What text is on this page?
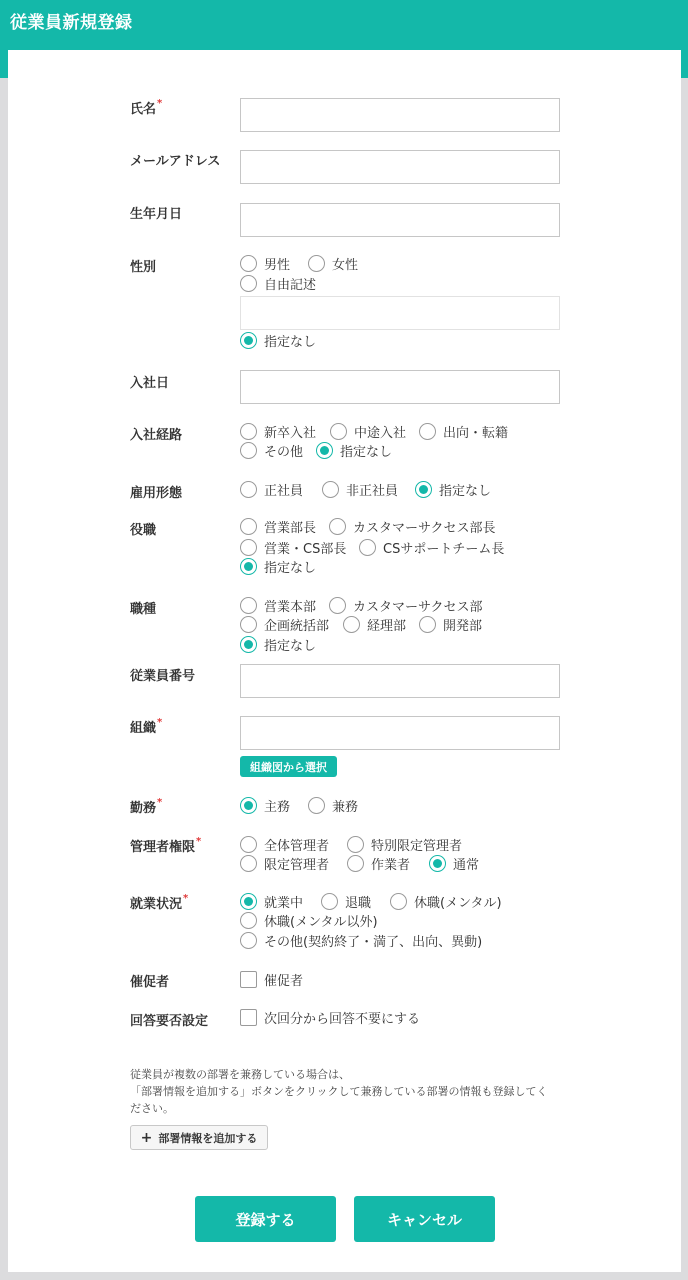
従業員新規登録
氏名*
メールアドレス
生年月日
性別	男性	女性
自由記述
指定なし
入社日
入社経路	新卒入社	中途入社	出向・転籍
その他	指定なし
雇用形態	正社員	非正社員	指定なし
役職	営業部長	カスタマーサクセス部長
営業・CS部長	CSサポートチーム長
指定なし
職種	営業本部	カスタマーサクセス部
企画統括部	経理部	開発部
指定なし
従業員番号
組織*
組織図から選択
勤務*	主務	兼務
管理者権限*	全体管理者	特別限定管理者
限定管理者	作業者	通常
就業状況*	就業中	退職	休職(メンタル)
休職(メンタル以外)
その他(契約終了・満了、出向、異動)
催促者	催促者
回答要否設定	次回分から回答不要にする
従業員が複数の部署を兼務している場合は、
「部署情報を追加する」ボタンをクリックして兼務している部署の情報も登録してく
ださい。
+ 部署情報を追加する
登録する	キャンセル
